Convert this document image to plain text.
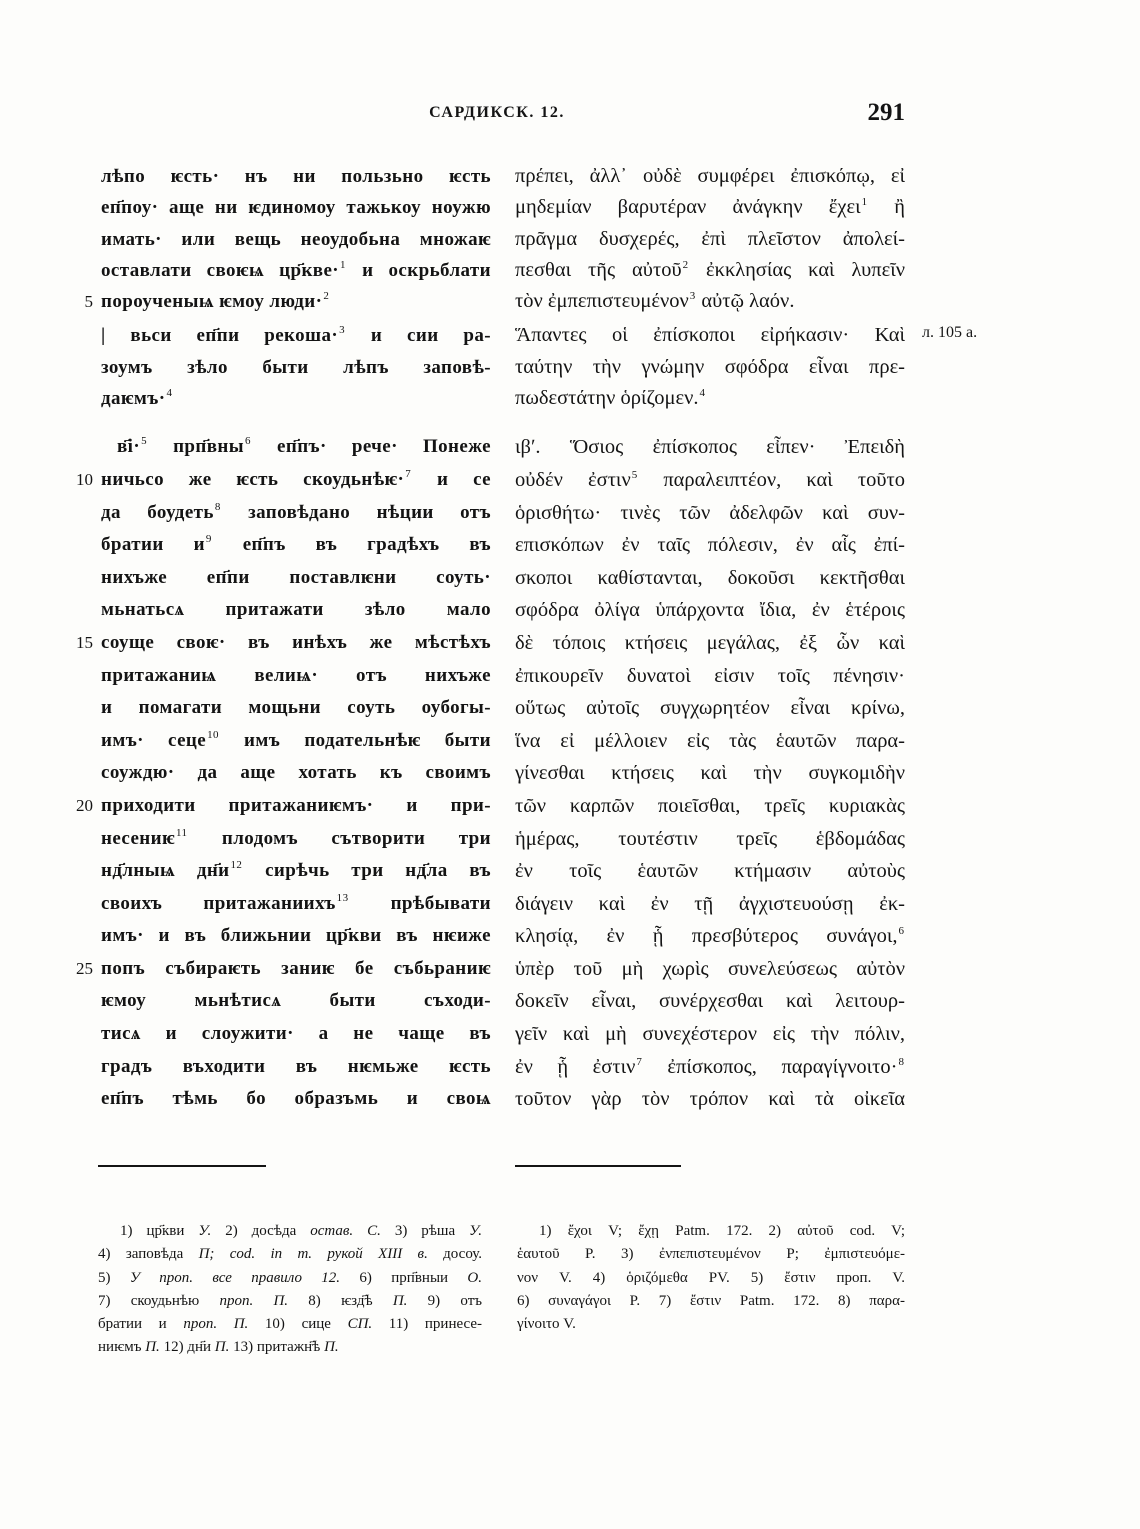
САРДИКСК. 12.	291
л. 105 а.
лѣпо ѥсть· нъ ни пользьно ѥсть
еп҃поу· аще ни ѥдиномоу тажькоу ноужю
имать· или вещь неоудобьна множаѥ
оставлати своѥѩ цр҃кве·$^1$ и оскрьблати
5 пороученыѩ ѥмоу люди·$^2$
| вьси еп҃пи рекоша·$^3$ и сии ра-
зоумъ зѣло быти лѣпъ заповѣ-
даѥмъ·$^4$
в҃і·$^5$ прп҃вны$^6$ еп҃пъ· рече· Понеже
10 ничьсо же ѥсть скоудьнѣѥ·$^7$ и се
да боудеть$^8$ заповѣдано нѣции отъ
братии $и^9$ еп҃пъ въ градѣхъ въ
нихъже еп҃пи поставлѥни соуть·
мьнатьсѧ притажати зѣло мало
15 соуще своѥ· въ инѣхъ же мѣстѣхъ
притажаниѩ велиѩ· отъ нихъже
и помагати мощьни соуть оубогы-
имъ· сеце$^{10}$ имъ подательнѣѥ быти
соуждю· да аще хотать къ своимъ
20 приходити притажаниѥмъ· и при-
несениѥ$^{11}$ плодомъ сътворити три
нд҃лныѩ $дн҃и^{12}$ сирѣчь три нд҃ла въ
своихъ притажаниихъ$^{13}$ прѣбывати
имъ· и въ ближьнии цр҃кви въ нѥиже
25 попъ събираѥть заниѥ бе събьраниѥ
ѥмоу мьнѣтисѧ быти съходи-
тисѧ и слоужити· а не чаще въ
градъ въходити въ нѥмьже ѥсть
еп҃пъ тѣмь бо образъмь и своѩ
πρέπει, ἀλλ᾽ οὐδὲ συμφέρει ἐπισκόπῳ, εἰ
μηδεμίαν βαρυτέραν ἀνάγκην ἔχει$^1$ ἢ
πρᾶγμα δυσχερές, ἐπὶ πλεῖστον ἀπολεί-
πεσθαι τῆς αὐτοῦ$^2$ ἐκκλησίας καὶ λυπεῖν
τὸν ἐμπεπιστευμένον$^3$ αὐτῷ λαόν.
Ἅπαντες οἱ ἐπίσκοποι εἰρήκασιν· Καὶ
ταύτην τὴν γνώμην σφόδρα εἶναι πρε-
πωδεστάτην ὁρίζομεν.$^4$
ιβʹ. Ὅσιος ἐπίσκοπος εἶπεν· Ἐπειδὴ
οὐδέν ἐστιν$^5$ παραλειπτέον, καὶ τοῦτο
ὁρισθήτω· τινὲς τῶν ἀδελφῶν καὶ συν-
επισκόπων ἐν ταῖς πόλεσιν, ἐν αἷς ἐπί-
σκοποι καθίστανται, δοκοῦσι κεκτῆσθαι
σφόδρα ὀλίγα ὑπάρχοντα ἴδια, ἐν ἑτέροις
δὲ τόποις κτήσεις μεγάλας, ἐξ ὧν καὶ
ἐπικουρεῖν δυνατοὶ εἰσιν τοῖς πένησιν·
οὕτως αὐτοῖς συγχωρητέον εἶναι κρίνω,
ἵνα εἰ μέλλοιεν εἰς τὰς ἑαυτῶν παρα-
γίνεσθαι κτήσεις καὶ τὴν συγκομιδὴν
τῶν καρπῶν ποιεῖσθαι, τρεῖς κυριακὰς
ἡμέρας, τουτέστιν τρεῖς ἑβδομάδας
ἐν τοῖς ἑαυτῶν κτήμασιν αὐτοὺς
διάγειν καὶ ἐν τῇ ἀγχιστευούσῃ ἐκ-
κλησίᾳ, ἐν ᾗ πρεσβύτερος συνάγοι,$^6$
ὑπὲρ τοῦ μὴ χωρὶς συνελεύσεως αὐτὸν
δοκεῖν εἶναι, συνέρχεσθαι καὶ λειτουρ-
γεῖν καὶ μὴ συνεχέστερον εἰς τὴν πόλιν,
ἐν ᾗ ἐστιν$^7$ ἐπίσκοπος, παραγίγνοιτο·$^8$
τοῦτον γὰρ τὸν τρόπον καὶ τὰ οἰκεῖα
1) цр҃кви У. 2) досѣда остав. С. 3) рѣша У.
4) заповѣда П; cod. in m. рукой XIII в. досоу.
5) У проп. все правило 12. 6) прп҃вныи О.
7) скоудьнѣю проп. П. 8) ѥзд҃ѣ П. 9) отъ
братии и проп. П. 10) сице СП. 11) принесе-
ниѥмъ П. 12) дн҃и П. 13) притажн҃ѣ П.
1) ἔχοι V; ἔχῃ Patm. 172. 2) αὐτοῦ cod. V;
ἑαυτοῦ P. 3) ἐνπεπιστευμένον P; ἐμπιστευόμε-
νον V. 4) ὁριζόμεθα PV. 5) ἔστιν проп. V.
6) συναγάγοι P. 7) ἔστιν Patm. 172. 8) παρα-
γίνοιτο V.
